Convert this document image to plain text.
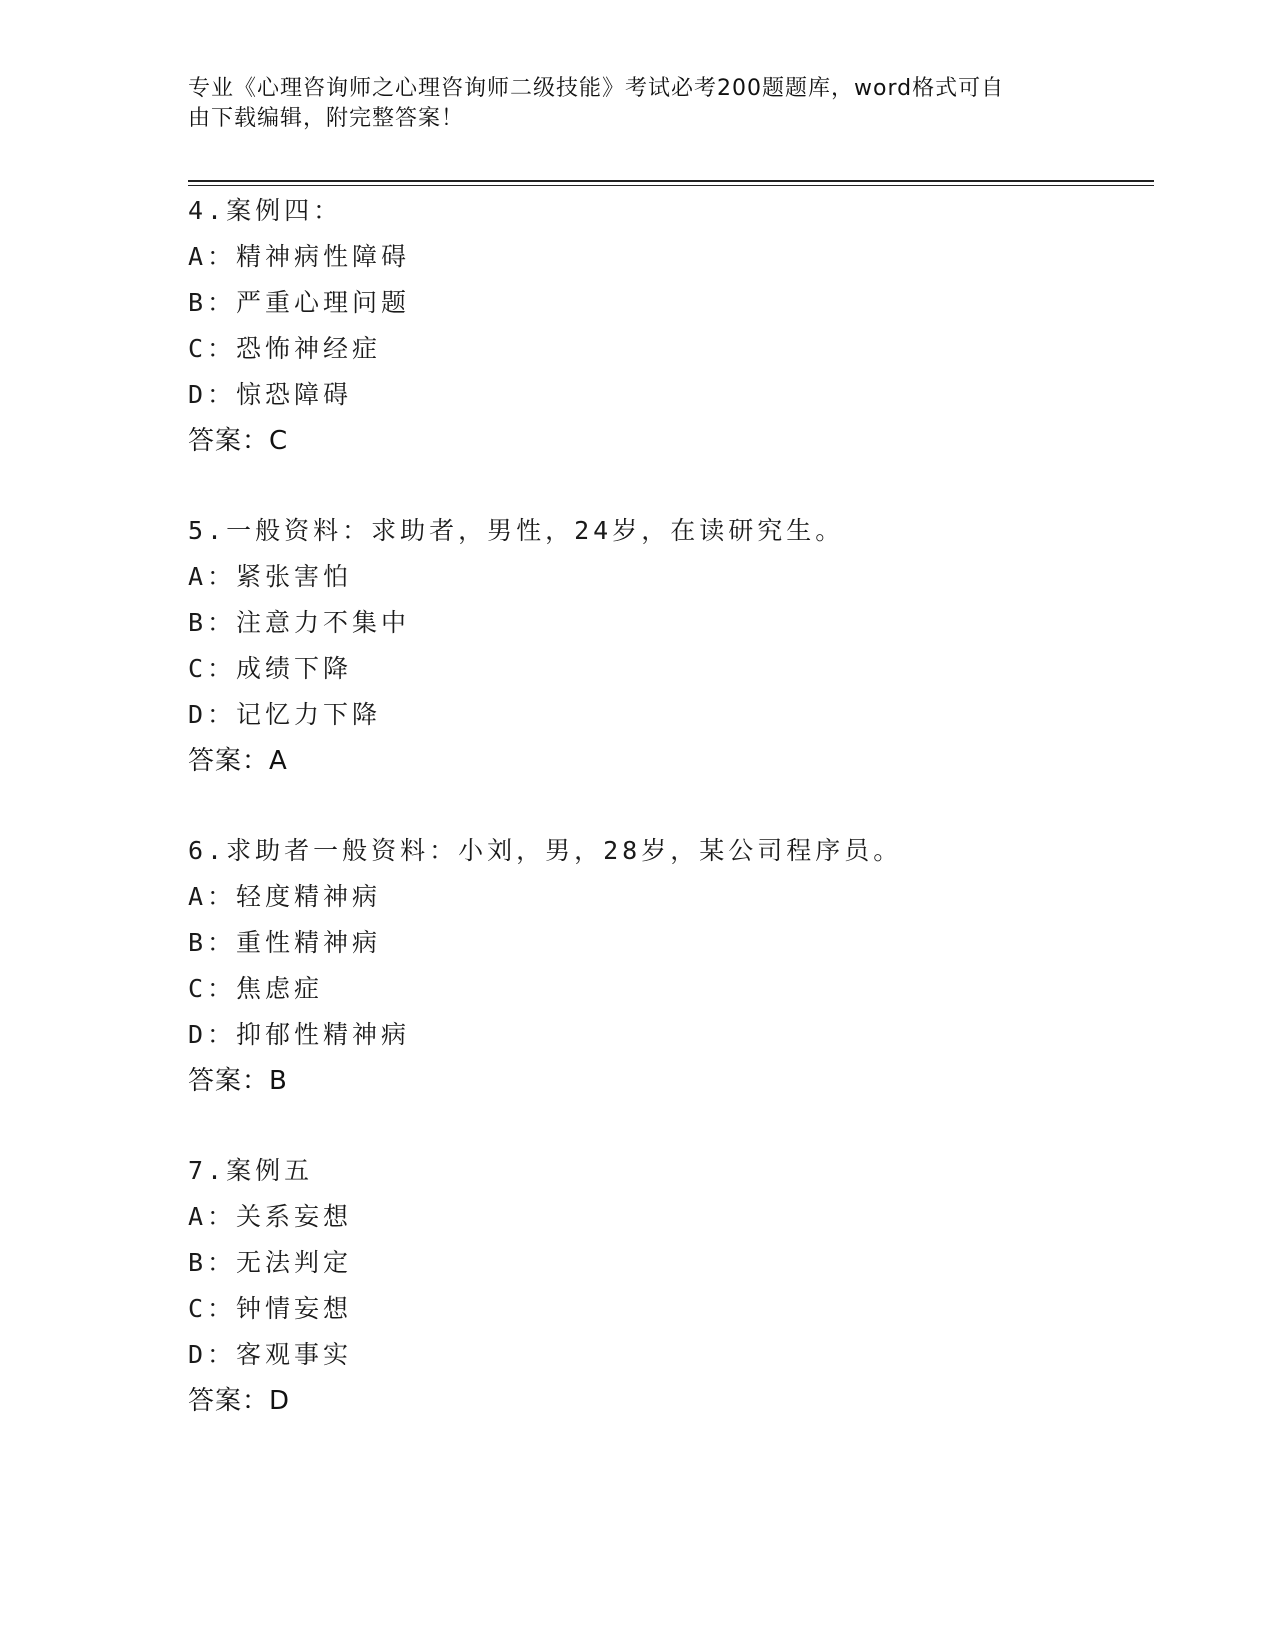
专业《心理咨询师之心理咨询师二级技能》考试必考200题题库，word格式可自
由下载编辑，附完整答案！
4.案例四：
A：精神病性障碍
B：严重心理问题
C：恐怖神经症
D：惊恐障碍
答案：C
5.一般资料：求助者，男性，24岁，在读研究生。
A：紧张害怕
B：注意力不集中
C：成绩下降
D：记忆力下降
答案：A
6.求助者一般资料：小刘，男，28岁，某公司程序员。
A：轻度精神病
B：重性精神病
C：焦虑症
D：抑郁性精神病
答案：B
7.案例五
A：关系妄想
B：无法判定
C：钟情妄想
D：客观事实
答案：D
